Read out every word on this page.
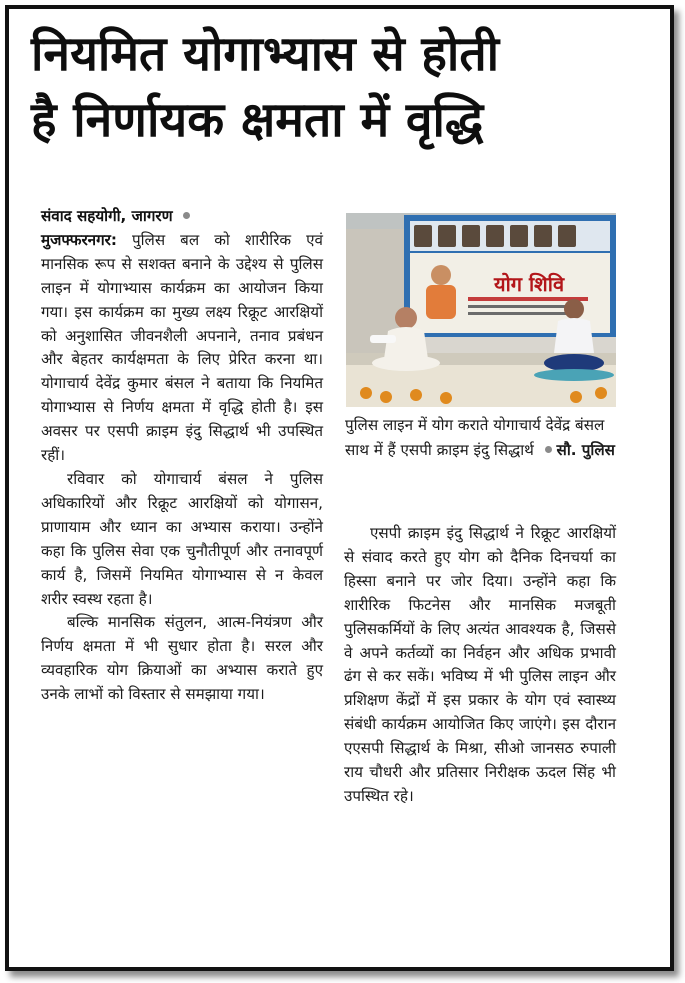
नियमित योगाभ्यास से होती
है निर्णायक क्षमता में वृद्धि

संवाद सहयोगी, जागरण

मुजफ्फरनगर: पुलिस बल को शारीरिक एवं मानसिक रूप से सशक्त बनाने के उद्देश्य से पुलिस लाइन में योगाभ्यास कार्यक्रम का आयोजन किया गया। इस कार्यक्रम का मुख्य लक्ष्य रिक्रूट आरक्षियों को अनुशासित जीवनशैली अपनाने, तनाव प्रबंधन और बेहतर कार्यक्षमता के लिए प्रेरित करना था। योगाचार्य देवेंद्र कुमार बंसल ने बताया कि नियमित योगाभ्यास से निर्णय क्षमता में वृद्धि होती है। इस अवसर पर एसपी क्राइम इंदु सिद्धार्थ भी उपस्थित रहीं।

रविवार को योगाचार्य बंसल ने पुलिस अधिकारियों और रिक्रूट आरक्षियों को योगासन, प्राणायाम और ध्यान का अभ्यास कराया। उन्होंने कहा कि पुलिस सेवा एक चुनौतीपूर्ण और तनावपूर्ण कार्य है, जिसमें नियमित योगाभ्यास से न केवल शरीर स्वस्थ रहता है।

बल्कि मानसिक संतुलन, आत्म-नियंत्रण और निर्णय क्षमता में भी सुधार होता है। सरल और व्यवहारिक योग क्रियाओं का अभ्यास कराते हुए उनके लाभों को विस्तार से समझाया गया।

योग शिवि

पुलिस लाइन में योग कराते योगाचार्य देवेंद्र बंसल साथ में हैं एसपी क्राइम इंदु सिद्धार्थ सौ. पुलिस

एसपी क्राइम इंदु सिद्धार्थ ने रिक्रूट आरक्षियों से संवाद करते हुए योग को दैनिक दिनचर्या का हिस्सा बनाने पर जोर दिया। उन्होंने कहा कि शारीरिक फिटनेस और मानसिक मजबूती पुलिसकर्मियों के लिए अत्यंत आवश्यक है, जिससे वे अपने कर्तव्यों का निर्वहन और अधिक प्रभावी ढंग से कर सकें। भविष्य में भी पुलिस लाइन और प्रशिक्षण केंद्रों में इस प्रकार के योग एवं स्वास्थ्य संबंधी कार्यक्रम आयोजित किए जाएंगे। इस दौरान एएसपी सिद्धार्थ के मिश्रा, सीओ जानसठ रुपाली राय चौधरी और प्रतिसार निरीक्षक ऊदल सिंह भी उपस्थित रहे।
